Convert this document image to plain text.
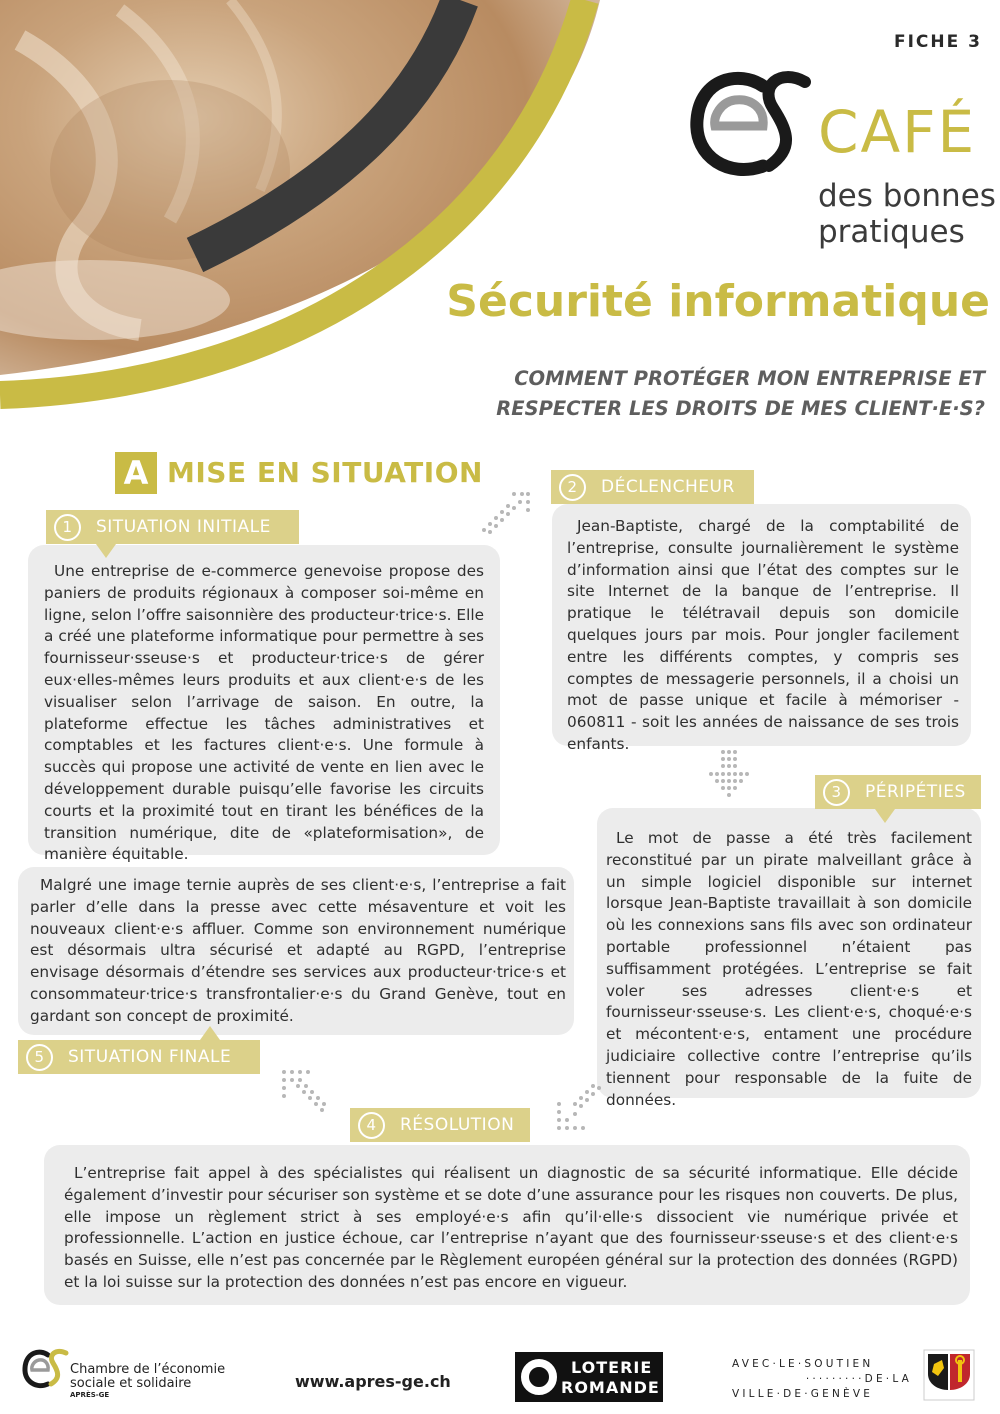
FICHE 3
CAFÉ
des bonnes
pratiques
Sécurité informatique
COMMENT PROTÉGER MON ENTREPRISE ET
RESPECTER LES DROITS DE MES CLIENT·E·S?
A MISE EN SITUATION

Une entreprise de e-commerce genevoise propose des paniers de produits régionaux à composer soi-même en ligne, selon l’offre saisonnière des producteur·trice·s. Elle a créé une plateforme informatique pour permettre à ses fournisseur·sseuse·s et producteur·trice·s de gérer eux·elles-mêmes leurs produits et aux client·e·s de les visualiser selon l’arrivage de saison. En outre, la plateforme effectue les tâches administratives et comptables et les factures client·e·s. Une formule à succès qui propose une activité de vente en lien avec le développement durable puisqu’elle favorise les circuits courts et la proximité tout en tirant les bénéfices de la transition numérique, dite de «plateformisation», de manière équitable.

1	SITUATION INITIALE	Jean-Baptiste, chargé de la comptabilité de l’entreprise, consulte journalièrement le système d’information ainsi que l’état des comptes sur le site Internet de la banque de l’entreprise. Il pratique le télétravail depuis son domicile quelques jours par mois. Pour jongler facilement entre les différents comptes, y compris ses comptes de messagerie personnels, il a choisi un mot de passe unique et facile à mémoriser - 060811 - soit les années de naissance de ses trois enfants.

2	DÉCLENCHEUR

Le mot de passe a été très facilement reconstitué par un pirate malveillant grâce à un simple logiciel disponible sur internet lorsque Jean-Baptiste travaillait à son domicile où les connexions sans fils avec son ordinateur portable professionnel n’étaient pas suffisamment protégées. L’entreprise se fait voler ses adresses client·e·s et fournisseur·sseuse·s. Les client·e·s, choqué·e·s et mécontent·e·s, entament une procédure judiciaire collective contre l’entreprise qu’ils tiennent pour responsable de la fuite de données.

3	PÉRIPÉTIES

Malgré une image ternie auprès de ses client·e·s, l’entreprise a fait parler d’elle dans la presse avec cette mésaventure et voit les nouveaux client·e·s affluer. Comme son environnement numérique est désormais ultra sécurisé et adapté au RGPD, l’entreprise envisage désormais d’étendre ses services aux producteur·trice·s et consommateur·trice·s transfrontalier·e·s du Grand Genève, tout en gardant son concept de proximité.

5	SITUATION FINALE

L’entreprise fait appel à des spécialistes qui réalisent un diagnostic de sa sécurité informatique. Elle décide également d’investir pour sécuriser son système et se dote d’une assurance pour les risques non couverts. De plus, elle impose un règlement strict à ses employé·e·s afin qu’il·elle·s dissocient vie numérique privée et professionnelle. L’action en justice échoue, car l’entreprise n’ayant que des fournisseur·sseuse·s et des client·e·s basés en Suisse, elle n’est pas concernée par le Règlement européen général sur la protection des données (RGPD) et la loi suisse sur la protection des données n’est pas encore en vigueur.

4	RÉSOLUTION
Chambre de l’économie
sociale et solidaire
APRÈS-GE
www.apres-ge.ch
LOTERIE
ROMANDE
AVEC·LE·SOUTIEN
·········DE·LA
VILLE·DE·GENÈVE
